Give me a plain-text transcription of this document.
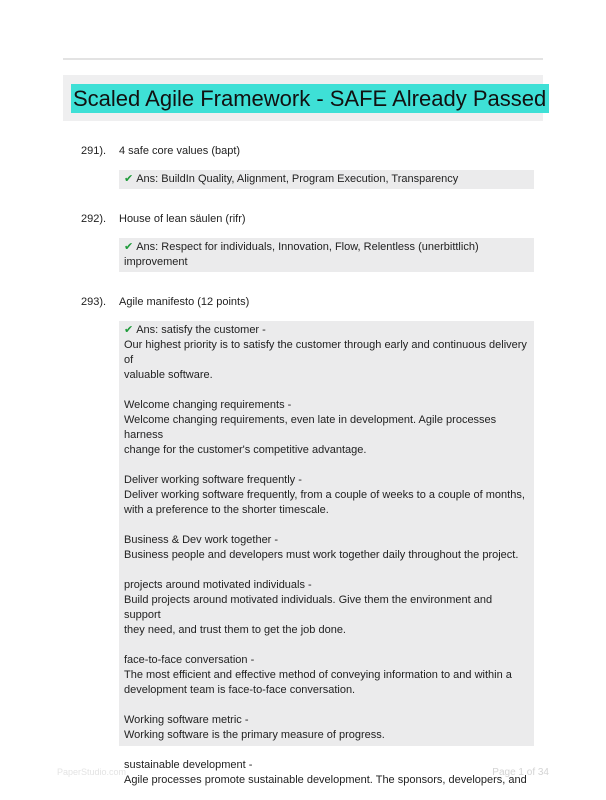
Scaled Agile Framework - SAFE Already Passed
291). 4 safe core values (bapt)
✔ Ans: BuildIn Quality, Alignment, Program Execution, Transparency
292). House of lean säulen (rifr)
✔ Ans: Respect for individuals, Innovation, Flow, Relentless (unerbittlich)
improvement
293). Agile manifesto (12 points)
✔ Ans: satisfy the customer -
Our highest priority is to satisfy the customer through early and continuous delivery of
valuable software.
Welcome changing requirements -
Welcome changing requirements, even late in development. Agile processes harness
change for the customer's competitive advantage.
Deliver working software frequently -
Deliver working software frequently, from a couple of weeks to a couple of months,
with a preference to the shorter timescale.
Business & Dev work together -
Business people and developers must work together daily throughout the project.
projects around motivated individuals -
Build projects around motivated individuals. Give them the environment and support
they need, and trust them to get the job done.
face-to-face conversation -
The most efficient and effective method of conveying information to and within a
development team is face-to-face conversation.
Working software metric -
Working software is the primary measure of progress.
sustainable development -
Agile processes promote sustainable development. The sponsors, developers, and
PaperStudio.com	Page 1 of 34
